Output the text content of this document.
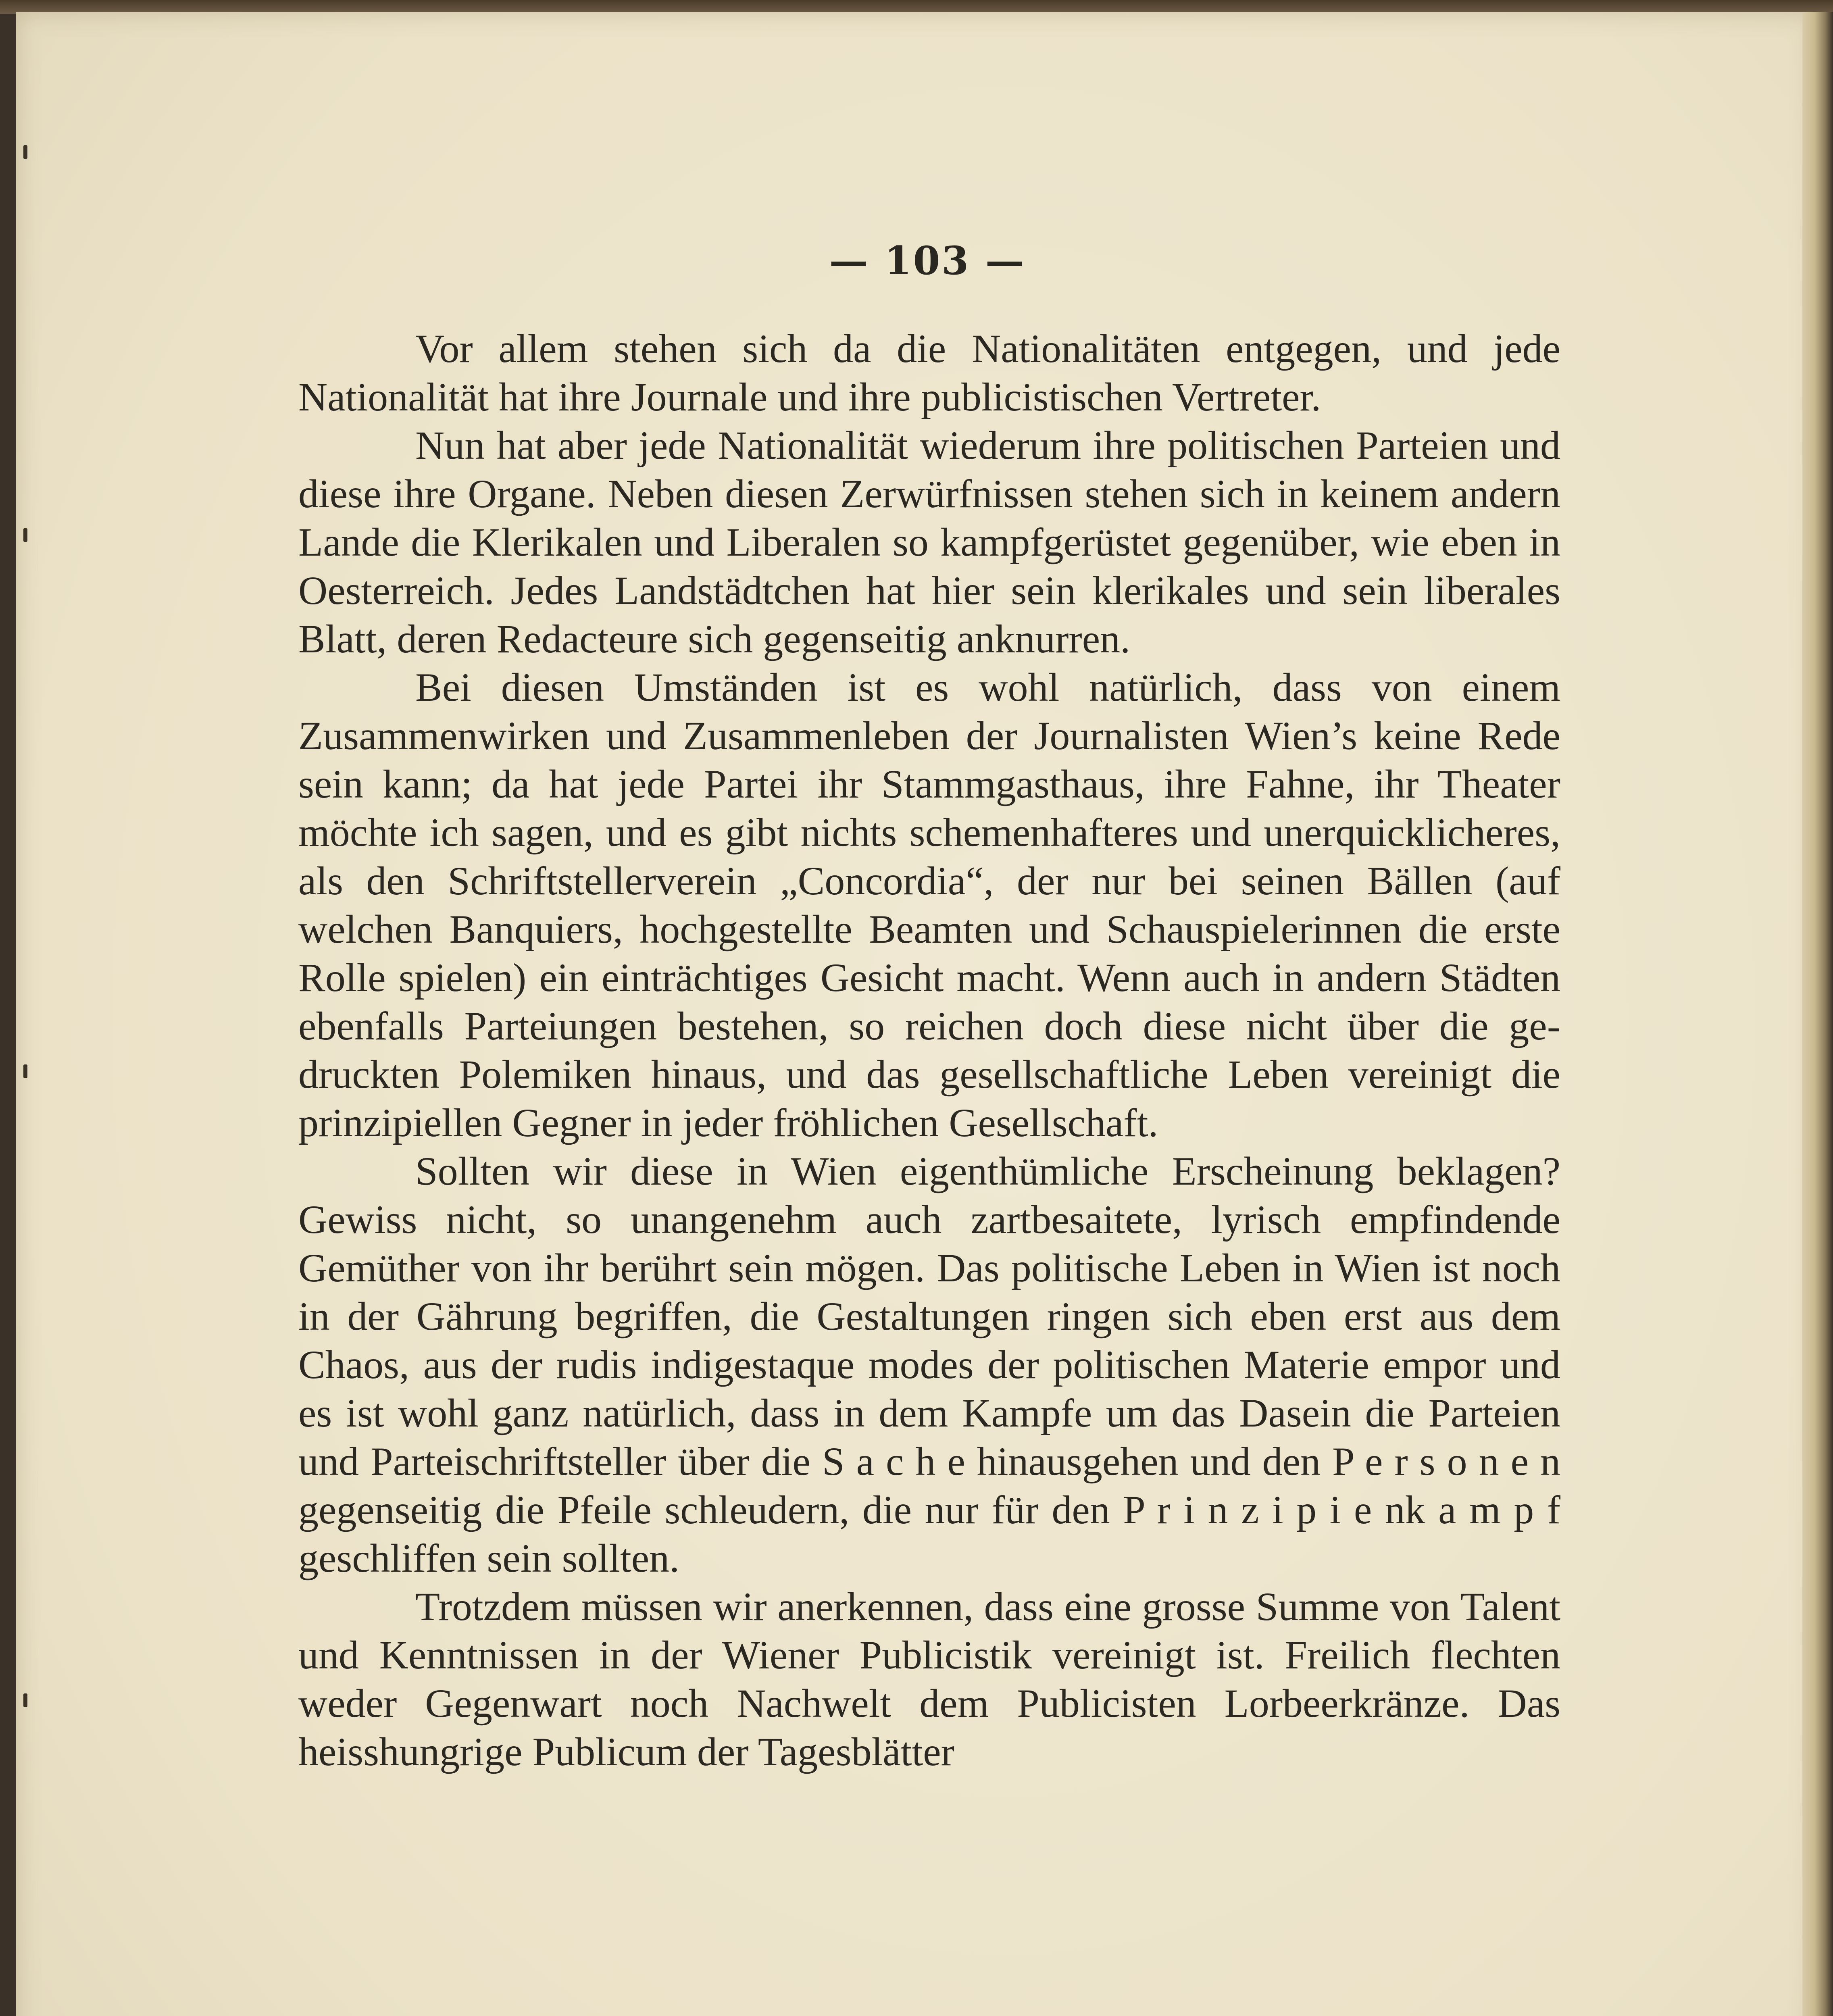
— 103 —

Vor allem stehen sich da die Nationalitäten entgegen, und jede Nationalität hat ihre Journale und ihre publicistischen Vertreter.

Nun hat aber jede Nationalität wiederum ihre politischen Parteien und diese ihre Organe. Neben diesen Zerwürfnissen stehen sich in keinem andern Lande die Klerikalen und Liberalen so kampfgerüstet gegenüber, wie eben in Oesterreich. Jedes Landstädtchen hat hier sein klerikales und sein liberales Blatt, deren Redacteure sich gegenseitig anknurren.

Bei diesen Umständen ist es wohl natürlich, dass von einem Zusammenwirken und Zusammenleben der Journalisten Wien’s keine Rede sein kann; da hat jede Partei ihr Stammgasthaus, ihre Fahne, ihr Theater möchte ich sagen, und es gibt nichts schemenhafteres und unerquicklicheres, als den Schriftstellerverein „Concordia“, der nur bei seinen Bällen (auf welchen Banquiers, hochgestellte Beamten und Schauspielerinnen die erste Rolle spielen) ein einträchtiges Gesicht macht. Wenn auch in andern Städten ebenfalls Parteiungen bestehen, so reichen doch diese nicht über die gedruckten Polemiken hinaus, und das gesellschaftliche Leben vereinigt die prinzipiellen Gegner in jeder fröhlichen Gesellschaft.

Sollten wir diese in Wien eigenthümliche Erscheinung beklagen? Gewiss nicht, so unangenehm auch zartbesaitete, lyrisch empfindende Gemüther von ihr berührt sein mögen. Das politische Leben in Wien ist noch in der Gährung begriffen, die Gestaltungen ringen sich eben erst aus dem Chaos, aus der rudis indigestaque modes der politischen Materie empor und es ist wohl ganz natürlich, dass in dem Kampfe um das Dasein die Parteien und Parteischriftsteller über die S a c h e hinausgehen und den P e r s o n e n gegenseitig die Pfeile schleudern, die nur für den P r i n z i p i e nk a m p f geschliffen sein sollten.

Trotzdem müssen wir anerkennen, dass eine grosse Summe von Talent und Kenntnissen in der Wiener Publicistik vereinigt ist. Freilich flechten weder Gegenwart noch Nachwelt dem Publicisten Lorbeerkränze. Das heisshungrige Publicum der Tagesblätter
